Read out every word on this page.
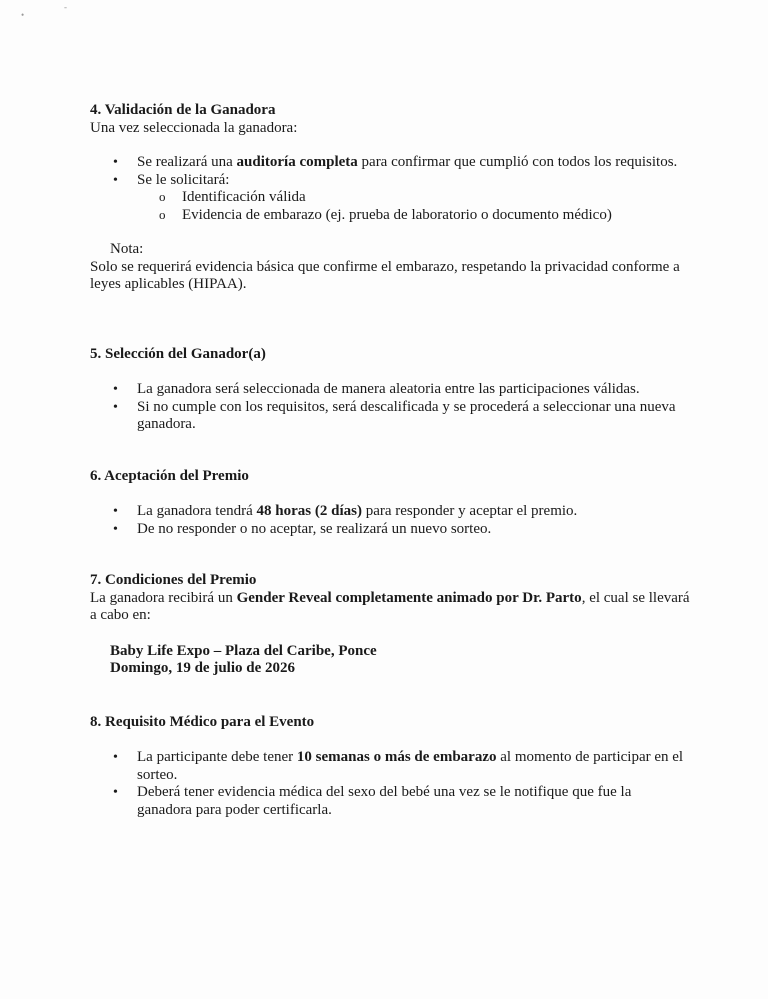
•
-

4. Validación de la Ganadora

Una vez seleccionada la ganadora:

• Se realizará una auditoría completa para confirmar que cumplió con todos los requisitos.
• Se le solicitará:
o Identificación válida
o Evidencia de embarazo (ej. prueba de laboratorio o documento médico)

Nota:

Solo se requerirá evidencia básica que confirme el embarazo, respetando la privacidad conforme a leyes aplicables (HIPAA).

5. Selección del Ganador(a)

• La ganadora será seleccionada de manera aleatoria entre las participaciones válidas.
• Si no cumple con los requisitos, será descalificada y se procederá a seleccionar una nueva ganadora.

6. Aceptación del Premio

• La ganadora tendrá 48 horas (2 días) para responder y aceptar el premio.
• De no responder o no aceptar, se realizará un nuevo sorteo.

7. Condiciones del Premio

La ganadora recibirá un Gender Reveal completamente animado por Dr. Parto, el cual se llevará a cabo en:

Baby Life Expo – Plaza del Caribe, Ponce
Domingo, 19 de julio de 2026

8. Requisito Médico para el Evento

• La participante debe tener 10 semanas o más de embarazo al momento de participar en el sorteo.
• Deberá tener evidencia médica del sexo del bebé una vez se le notifique que fue la ganadora para poder certificarla.
